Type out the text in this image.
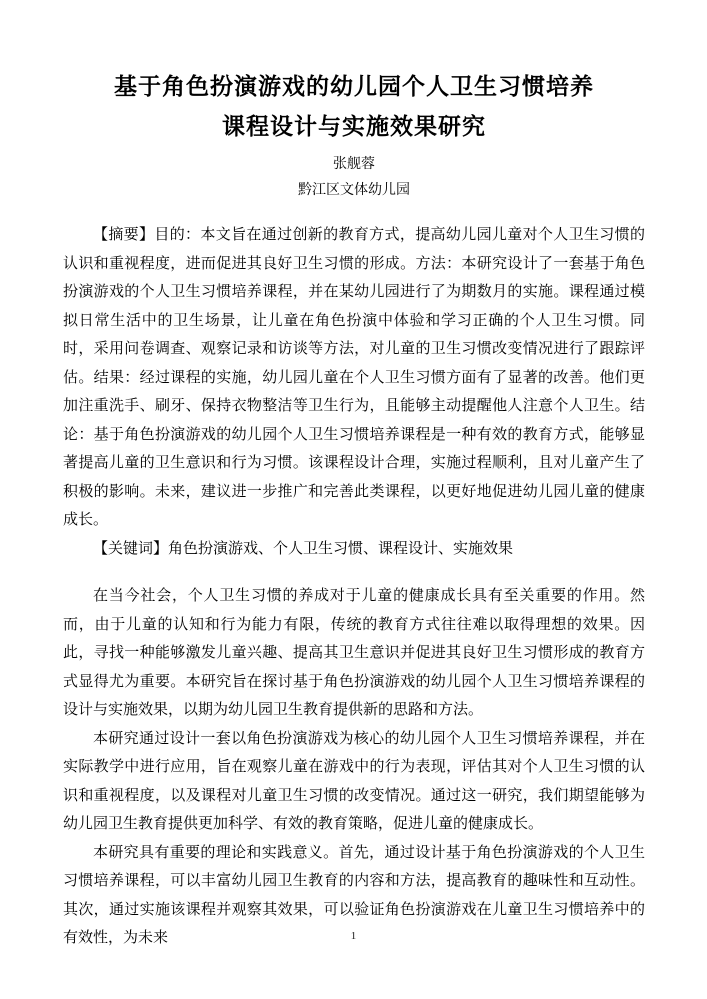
基于角色扮演游戏的幼儿园个人卫生习惯培养
课程设计与实施效果研究
张舰蓉
黔江区文体幼儿园

【摘要】目的：本文旨在通过创新的教育方式，提高幼儿园儿童对个人卫生习惯的认识和重视程度，进而促进其良好卫生习惯的形成。方法：本研究设计了一套基于角色扮演游戏的个人卫生习惯培养课程，并在某幼儿园进行了为期数月的实施。课程通过模拟日常生活中的卫生场景，让儿童在角色扮演中体验和学习正确的个人卫生习惯。同时，采用问卷调查、观察记录和访谈等方法，对儿童的卫生习惯改变情况进行了跟踪评估。结果：经过课程的实施，幼儿园儿童在个人卫生习惯方面有了显著的改善。他们更加注重洗手、刷牙、保持衣物整洁等卫生行为，且能够主动提醒他人注意个人卫生。结论：基于角色扮演游戏的幼儿园个人卫生习惯培养课程是一种有效的教育方式，能够显著提高儿童的卫生意识和行为习惯。该课程设计合理，实施过程顺利，且对儿童产生了积极的影响。未来，建议进一步推广和完善此类课程，以更好地促进幼儿园儿童的健康成长。

【关键词】角色扮演游戏、个人卫生习惯、课程设计、实施效果

在当今社会，个人卫生习惯的养成对于儿童的健康成长具有至关重要的作用。然而，由于儿童的认知和行为能力有限，传统的教育方式往往难以取得理想的效果。因此，寻找一种能够激发儿童兴趣、提高其卫生意识并促进其良好卫生习惯形成的教育方式显得尤为重要。本研究旨在探讨基于角色扮演游戏的幼儿园个人卫生习惯培养课程的设计与实施效果，以期为幼儿园卫生教育提供新的思路和方法。

本研究通过设计一套以角色扮演游戏为核心的幼儿园个人卫生习惯培养课程，并在实际教学中进行应用，旨在观察儿童在游戏中的行为表现，评估其对个人卫生习惯的认识和重视程度，以及课程对儿童卫生习惯的改变情况。通过这一研究，我们期望能够为幼儿园卫生教育提供更加科学、有效的教育策略，促进儿童的健康成长。

本研究具有重要的理论和实践意义。首先，通过设计基于角色扮演游戏的个人卫生习惯培养课程，可以丰富幼儿园卫生教育的内容和方法，提高教育的趣味性和互动性。其次，通过实施该课程并观察其效果，可以验证角色扮演游戏在儿童卫生习惯培养中的有效性，为未来	1
